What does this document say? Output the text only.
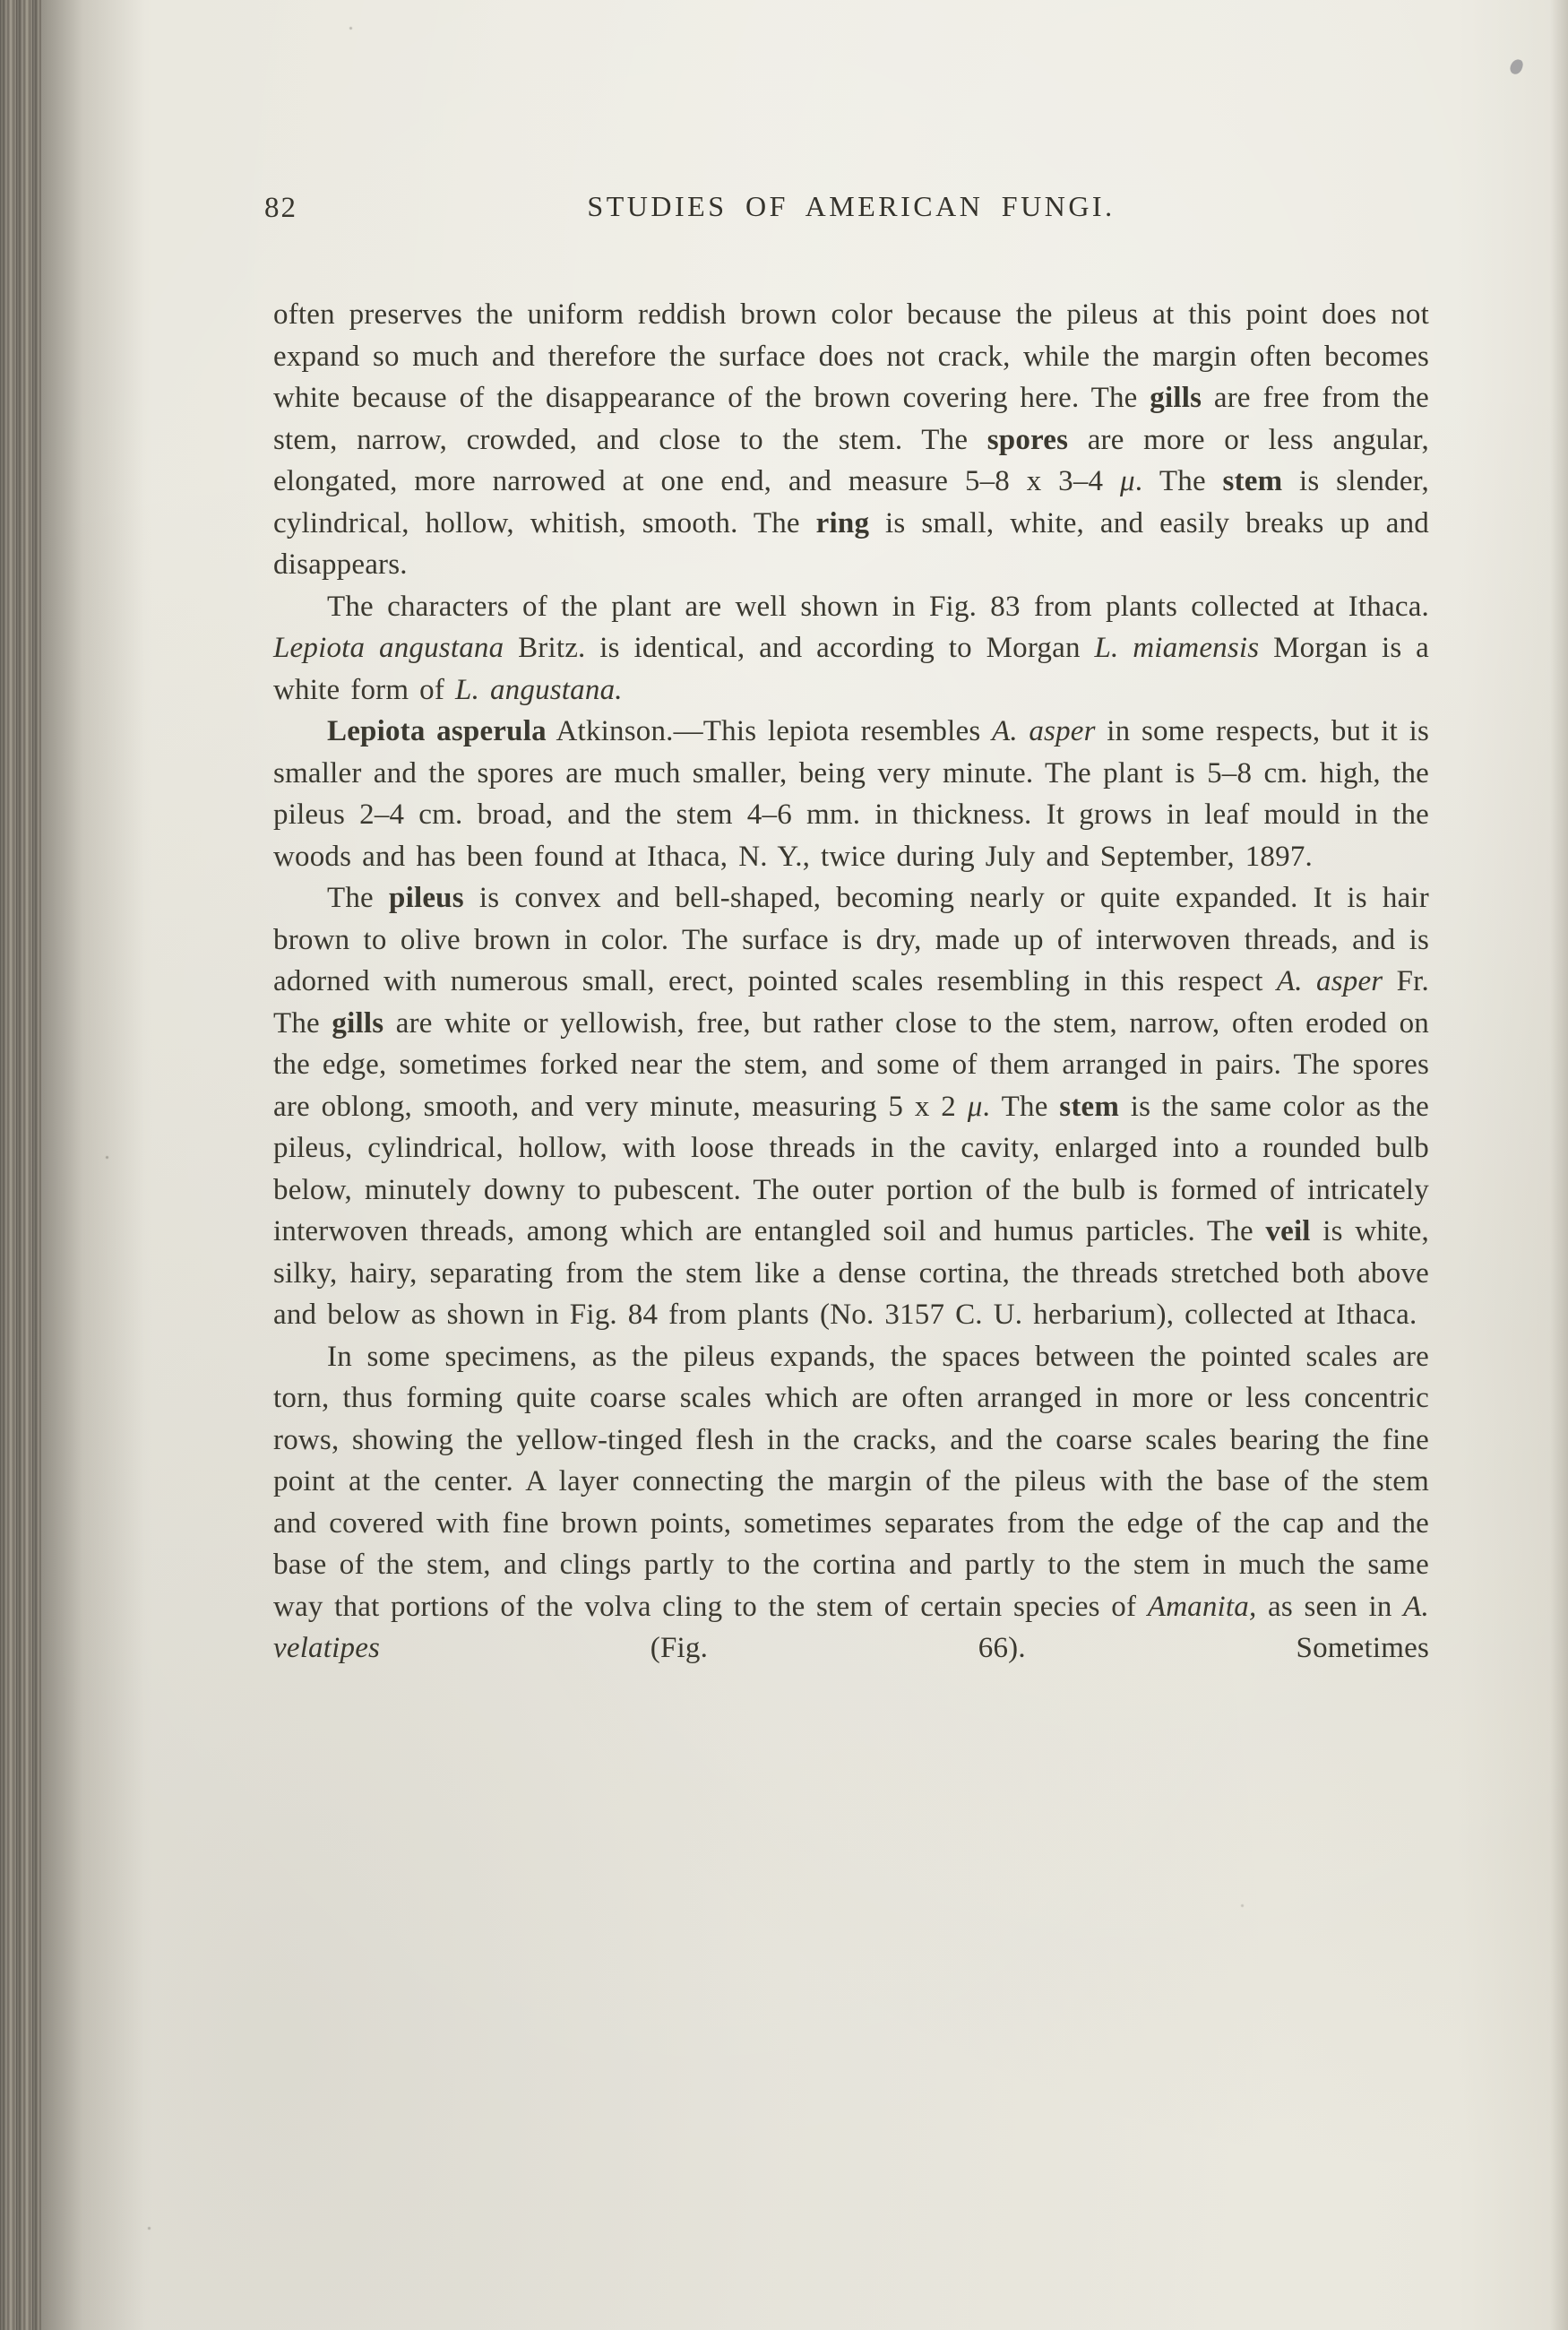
82	STUDIES OF AMERICAN FUNGI.

often preserves the uniform reddish brown color because the pileus at this point does not expand so much and therefore the surface does not crack, while the margin often becomes white because of the disappearance of the brown covering here. The gills are free from the stem, narrow, crowded, and close to the stem. The spores are more or less angular, elongated, more narrowed at one end, and measure 5–8 x 3–4 μ. The stem is slender, cylindrical, hollow, whitish, smooth. The ring is small, white, and easily breaks up and disappears.

The characters of the plant are well shown in Fig. 83 from plants collected at Ithaca. Lepiota angustana Britz. is identical, and according to Morgan L. miamensis Morgan is a white form of L. angustana.

Lepiota asperula Atkinson.—This lepiota resembles A. asper in some respects, but it is smaller and the spores are much smaller, being very minute. The plant is 5–8 cm. high, the pileus 2–4 cm. broad, and the stem 4–6 mm. in thickness. It grows in leaf mould in the woods and has been found at Ithaca, N. Y., twice during July and September, 1897.

The pileus is convex and bell-shaped, becoming nearly or quite expanded. It is hair brown to olive brown in color. The surface is dry, made up of interwoven threads, and is adorned with numerous small, erect, pointed scales resembling in this respect A. asper Fr. The gills are white or yellowish, free, but rather close to the stem, narrow, often eroded on the edge, sometimes forked near the stem, and some of them arranged in pairs. The spores are oblong, smooth, and very minute, measuring 5 x 2 μ. The stem is the same color as the pileus, cylindrical, hollow, with loose threads in the cavity, enlarged into a rounded bulb below, minutely downy to pubescent. The outer portion of the bulb is formed of intricately interwoven threads, among which are entangled soil and humus particles. The veil is white, silky, hairy, separating from the stem like a dense cortina, the threads stretched both above and below as shown in Fig. 84 from plants (No. 3157 C. U. herbarium), collected at Ithaca.

In some specimens, as the pileus expands, the spaces between the pointed scales are torn, thus forming quite coarse scales which are often arranged in more or less concentric rows, showing the yellow-tinged flesh in the cracks, and the coarse scales bearing the fine point at the center. A layer connecting the margin of the pileus with the base of the stem and covered with fine brown points, sometimes separates from the edge of the cap and the base of the stem, and clings partly to the cortina and partly to the stem in much the same way that portions of the volva cling to the stem of certain species of Amanita, as seen in A. velatipes (Fig. 66). Sometimes
